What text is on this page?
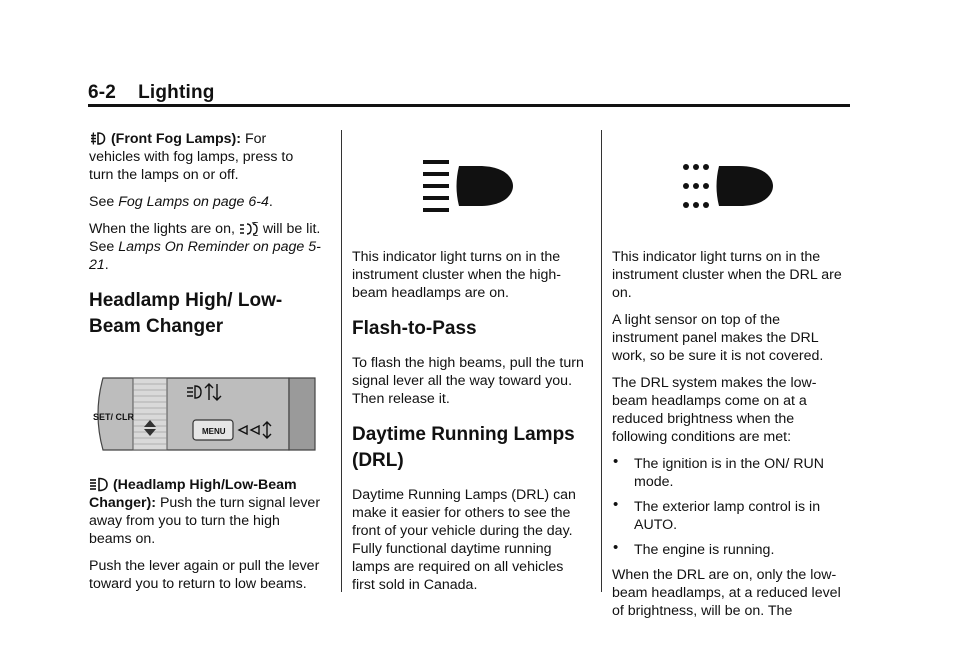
6-2 Lighting

(Front Fog Lamps): For vehicles with fog lamps, press to turn the lamps on or off.

See Fog Lamps on page 6-4.

When the lights are on, will be lit. See Lamps On Reminder on page 5-21.

Headlamp High/ Low-Beam Changer
SET/ CLR
MENU

(Headlamp High/Low-Beam Changer): Push the turn signal lever away from you to turn the high beams on.

Push the lever again or pull the lever toward you to return to low beams.

This indicator light turns on in the instrument cluster when the high-beam headlamps are on.

Flash-to-Pass

To flash the high beams, pull the turn signal lever all the way toward you. Then release it.

Daytime Running Lamps (DRL)

Daytime Running Lamps (DRL) can make it easier for others to see the front of your vehicle during the day. Fully functional daytime running lamps are required on all vehicles first sold in Canada.

This indicator light turns on in the instrument cluster when the DRL are on.

A light sensor on top of the instrument panel makes the DRL work, so be sure it is not covered.

The DRL system makes the low-beam headlamps come on at a reduced brightness when the following conditions are met:

• The ignition is in the ON/ RUN mode.
• The exterior lamp control is in AUTO.
• The engine is running.

When the DRL are on, only the low-beam headlamps, at a reduced level of brightness, will be on. The
